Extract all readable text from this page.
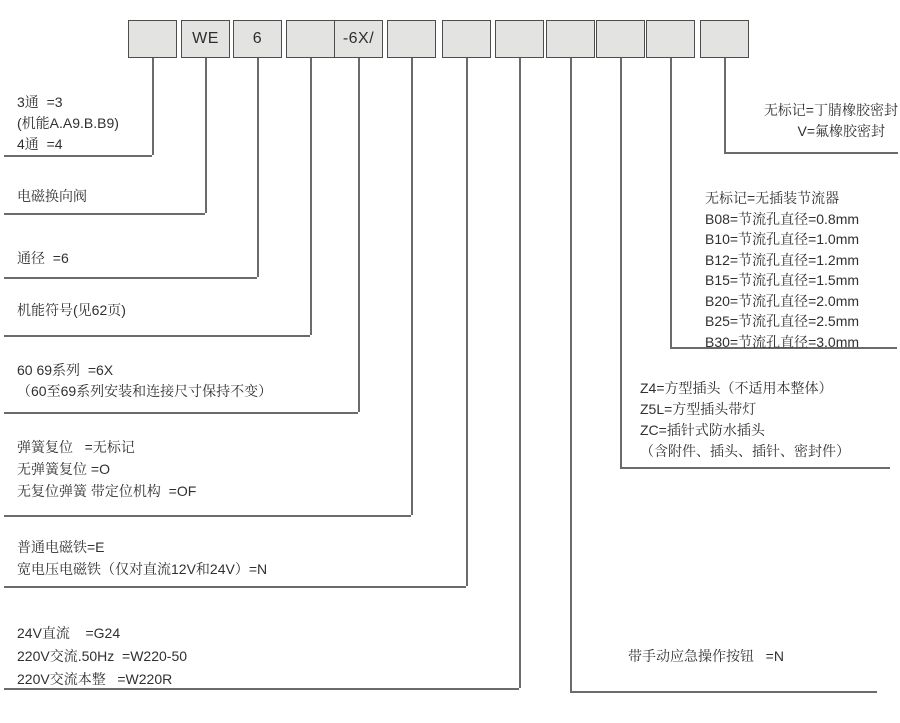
WE 6	-6X/
3通  =3
(机能A.A9.B.B9)
4通  =4
电磁换向阀
通径  =6
机能符号(见62页)
60 69系列  =6X
（60至69系列安装和连接尺寸保持不变）
弹簧复位   =无标记
无弹簧复位 =O
无复位弹簧 带定位机构  =OF
普通电磁铁=E
宽电压电磁铁（仅对直流12V和24V）=N
24V直流    =G24
220V交流.50Hz  =W220-50
220V交流本整   =W220R
无标记=丁腈橡胶密封
V=氟橡胶密封
无标记=无插装节流器
B08=节流孔直径=0.8mm
B10=节流孔直径=1.0mm
B12=节流孔直径=1.2mm
B15=节流孔直径=1.5mm
B20=节流孔直径=2.0mm
B25=节流孔直径=2.5mm
B30=节流孔直径=3.0mm
Z4=方型插头（不适用本整体）
Z5L=方型插头带灯
ZC=插针式防水插头
（含附件、插头、插针、密封件）
带手动应急操作按钮   =N
